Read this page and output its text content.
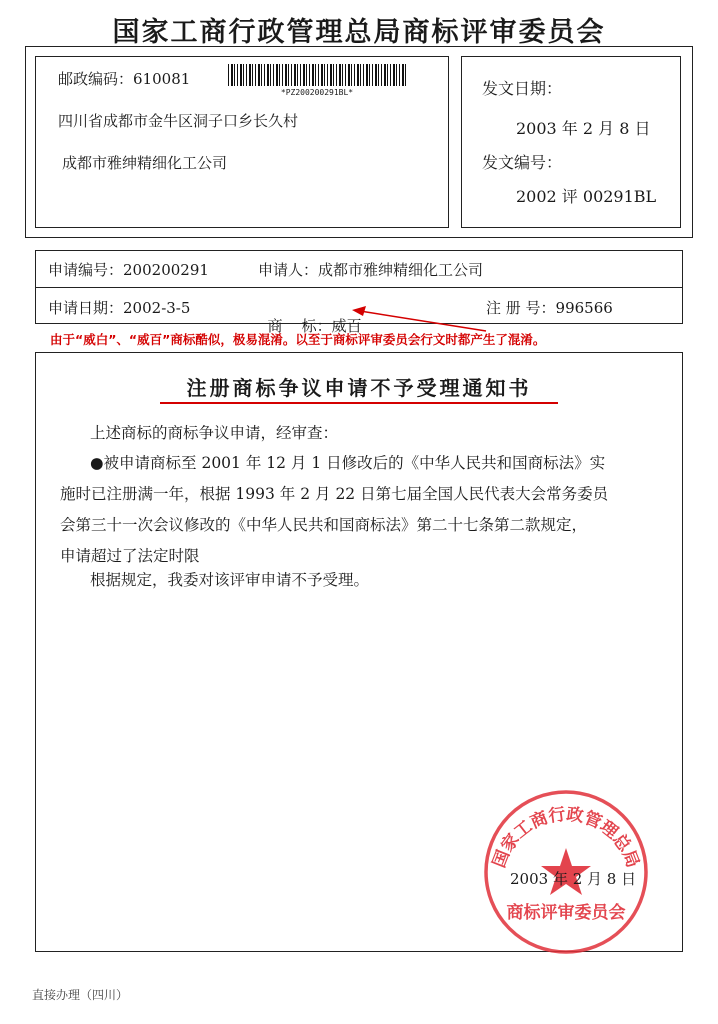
国家工商行政管理总局商标评审委员会
邮政编码：610081
*PZ200200291BL*
四川省成都市金牛区洞子口乡长久村
成都市雅绅精细化工公司
发文日期：
2003 年 2 月 8 日
发文编号：
2002 评 00291BL
申请编号：200200291	申请人：成都市雅绅精细化工公司
申请日期：2002-3-5

商    标：威百

注 册 号：996566
由于“威白”、“威百”商标酷似，极易混淆。以至于商标评审委员会行文时都产生了混淆。
注册商标争议申请不予受理通知书
上述商标的商标争议申请，经审查：
●被申请商标至 2001 年 12 月 1 日修改后的《中华人民共和国商标法》实
施时已注册满一年，根据 1993 年 2 月 22 日第七届全国人民代表大会常务委员
会第三十一次会议修改的《中华人民共和国商标法》第二十七条第二款规定，
申请超过了法定时限
根据规定，我委对该评审申请不予受理。
国家工商行政管理总局
商标评审委员会
2003 年 2 月 8 日
直接办理（四川）
